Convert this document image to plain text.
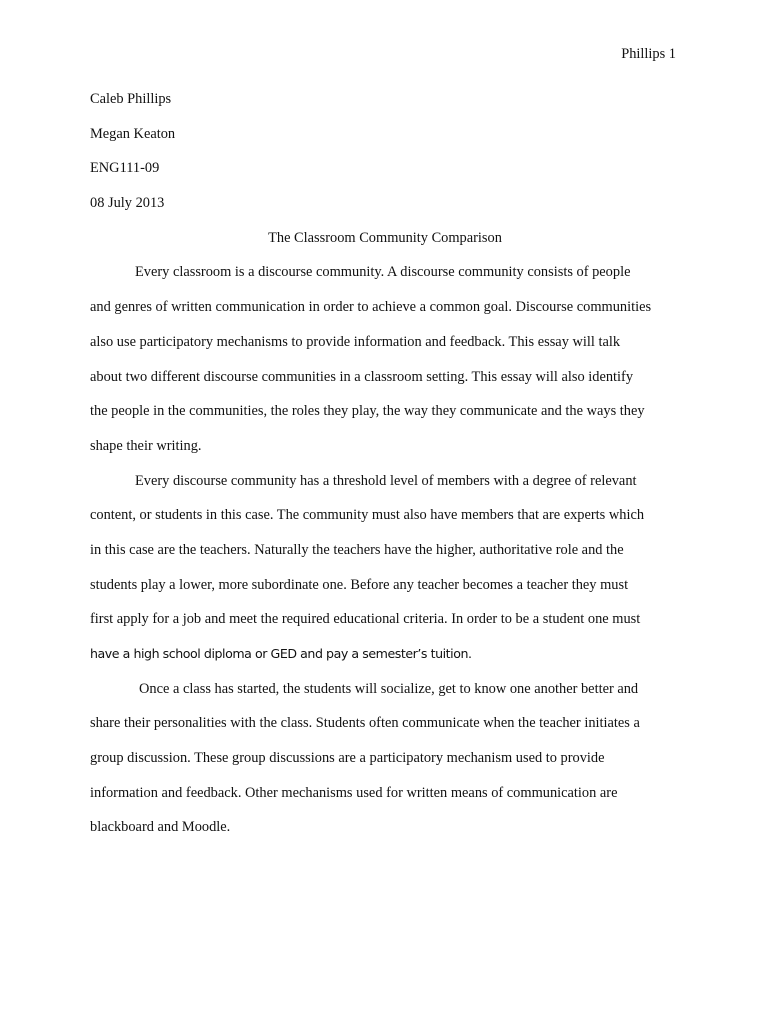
Phillips 1
Caleb Phillips
Megan Keaton
ENG111-09
08 July 2013
The Classroom Community Comparison
Every classroom is a discourse community. A discourse community consists of people
and genres of written communication in order to achieve a common goal. Discourse communities
also use participatory mechanisms to provide information and feedback. This essay will talk
about two different discourse communities in a classroom setting. This essay will also identify
the people in the communities, the roles they play, the way they communicate and the ways they
shape their writing.
Every discourse community has a threshold level of members with a degree of relevant
content, or students in this case. The community must also have members that are experts which
in this case are the teachers. Naturally the teachers have the higher, authoritative role and the
students play a lower, more subordinate one. Before any teacher becomes a teacher they must
first apply for a job and meet the required educational criteria. In order to be a student one must
have a high school diploma or GED and pay a semester’s tuition.
Once a class has started, the students will socialize, get to know one another better and
share their personalities with the class. Students often communicate when the teacher initiates a
group discussion. These group discussions are a participatory mechanism used to provide
information and feedback. Other mechanisms used for written means of communication are
blackboard and Moodle.
